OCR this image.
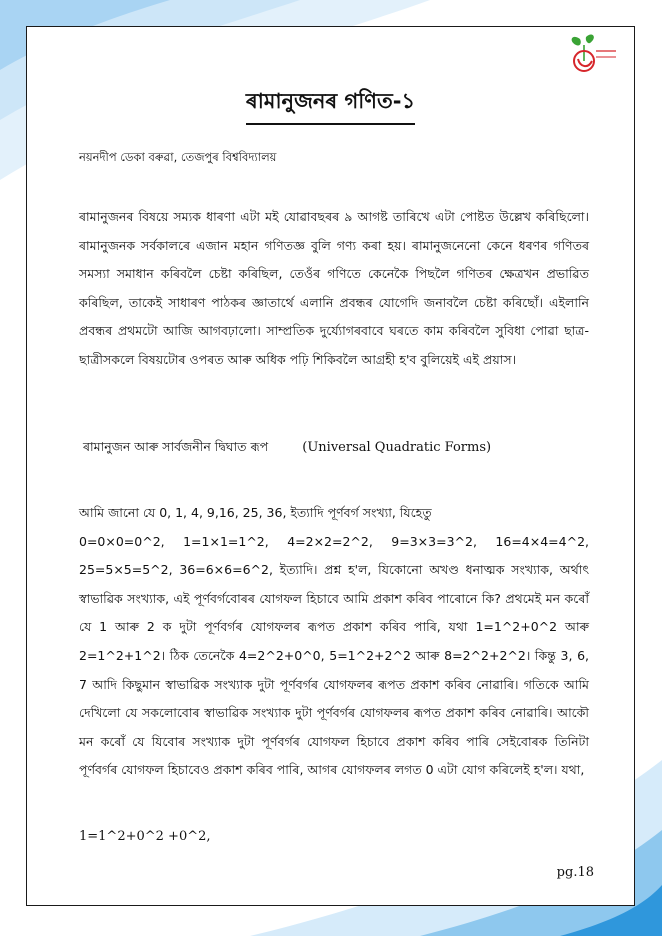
ৰামানুজনৰ গণিত-১
নয়নদীপ ডেকা বৰুৱা, তেজপুৰ বিশ্ববিদ্যালয়
ৰামানুজনৰ বিষয়ে সম্যক ধাৰণা এটা মই যোৱাবছৰৰ ৯ আগষ্ট তাৰিখে এটা পোষ্টত উল্লেখ কৰিছিলো। ৰামানুজনক সৰ্বকালৰে এজান মহান গণিতজ্ঞ বুলি গণ্য কৰা হয়। ৰামানুজনেনো কেনে ধৰণৰ গণিতৰ সমস্যা সমাধান কৰিবলৈ চেষ্টা কৰিছিল, তেওঁৰ গণিতে কেনেকৈ পিছলৈ গণিতৰ ক্ষেত্ৰখন প্ৰভাৱিত কৰিছিল, তাকেই সাধাৰণ পাঠকৰ জ্ঞাতাৰ্থে এলানি প্ৰবন্ধৰ যোগেদি জনাবলৈ চেষ্টা কৰিছোঁ। এইলানি প্ৰবন্ধৰ প্ৰথমটো আজি আগবঢ়ালো। সাম্প্ৰতিক দুৰ্য্যোগৰবাবে ঘৰতে কাম কৰিবলৈ সুবিধা পোৱা ছাত্ৰ-ছাত্ৰীসকলে বিষয়টোৰ ওপৰত আৰু অধিক পঢ়ি শিকিবলৈ আগ্ৰহী হ'ব বুলিয়েই এই প্ৰয়াস।
ৰামানুজন আৰু সাৰ্বজনীন দ্বিঘাত ৰূপ	(Universal Quadratic Forms)

আমি জানো যে 0, 1, 4, 9,16, 25, 36, ইত্যাদি পূৰ্ণবৰ্গ সংখ্যা, যিহেতু

0=0×0=0^2, 1=1×1=1^2, 4=2×2=2^2, 9=3×3=3^2, 16=4×4=4^2, 25=5×5=5^2, 36=6×6=6^2, ইত্যাদি। প্ৰশ্ন হ'ল, যিকোনো অখণ্ড ধনাত্মক সংখ্যাক, অৰ্থাৎ স্বাভাৱিক সংখ্যাক, এই পূৰ্ণবৰ্গবোৰৰ যোগফল হিচাবে আমি প্ৰকাশ কৰিব পাৰোনে কি? প্ৰথমেই মন কৰোঁ যে 1 আৰু 2 ক দুটা পূৰ্ণবৰ্গৰ যোগফলৰ ৰূপত প্ৰকাশ কৰিব পাৰি, যথা 1=1^2+0^2 আৰু 2=1^2+1^2। ঠিক তেনেকৈ 4=2^2+0^0, 5=1^2+2^2 আৰু 8=2^2+2^2। কিন্তু 3, 6, 7 আদি কিছুমান স্বাভাৱিক সংখ্যাক দুটা পূৰ্ণবৰ্গৰ যোগফলৰ ৰূপত প্ৰকাশ কৰিব নোৱাৰি। গতিকে আমি দেখিলো যে সকলোবোৰ স্বাভাৱিক সংখ্যাক দুটা পূৰ্ণবৰ্গৰ যোগফলৰ ৰূপত প্ৰকাশ কৰিব নোৱাৰি। আকৌ মন কৰোঁ যে যিবোৰ সংখ্যাক দুটা পূৰ্ণবৰ্গৰ যোগফল হিচাবে প্ৰকাশ কৰিব পাৰি সেইবোৰক তিনিটা পূৰ্ণবৰ্গৰ যোগফল হিচাবেও প্ৰকাশ কৰিব পাৰি, আগৰ যোগফলৰ লগত 0 এটা যোগ কৰিলেই হ'ল। যথা,

1=1^2+0^2 +0^2,
pg.18
